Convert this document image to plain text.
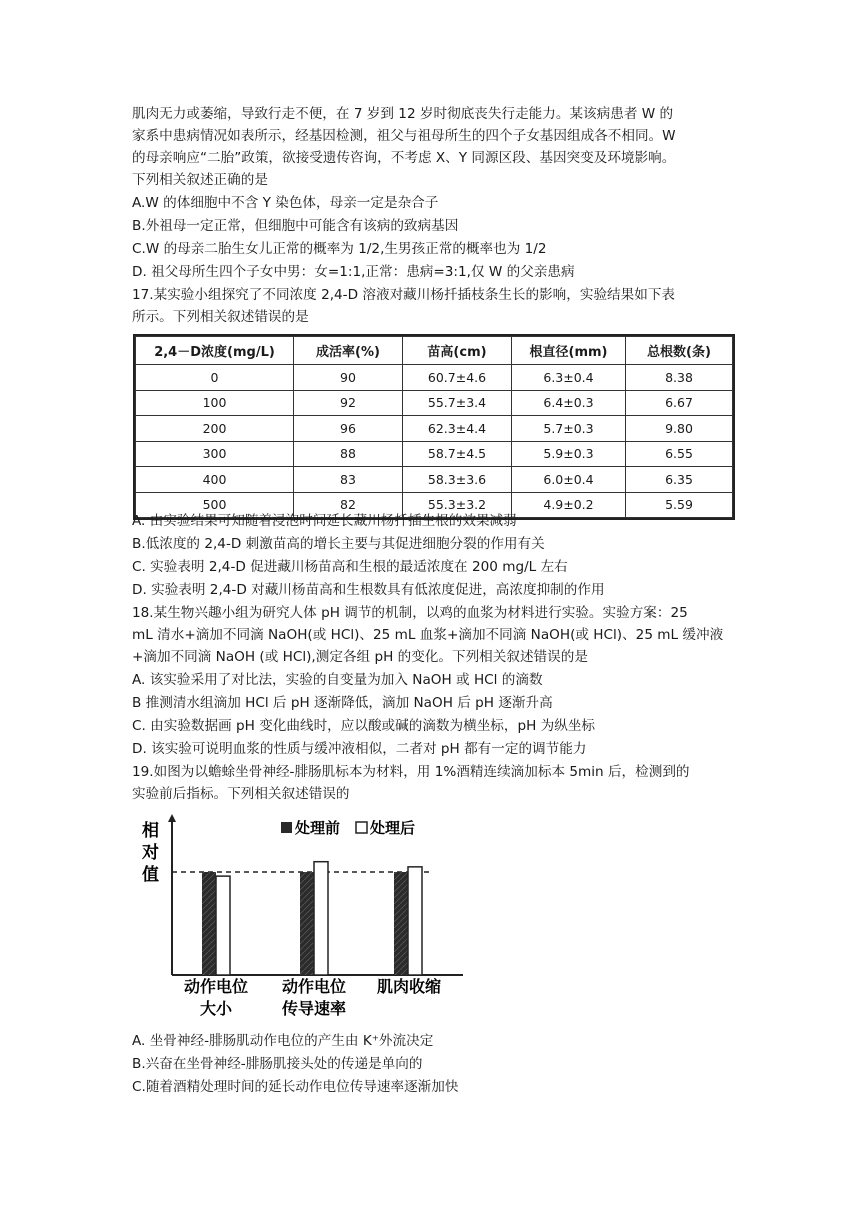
肌肉无力或萎缩，导致行走不便，在 7 岁到 12 岁时彻底丧失行走能力。某该病患者 W 的
家系中患病情况如表所示，经基因检测，祖父与祖母所生的四个子女基因组成各不相同。W
的母亲响应“二胎”政策，欲接受遗传咨询，不考虑 X、Y 同源区段、基因突变及环境影响。
下列相关叙述正确的是
A.W 的体细胞中不含 Y 染色体，母亲一定是杂合子
B.外祖母一定正常，但细胞中可能含有该病的致病基因
C.W 的母亲二胎生女儿正常的概率为 1/2,生男孩正常的概率也为 1/2
D. 祖父母所生四个子女中男：女=1:1,正常：患病=3:1,仅 W 的父亲患病
17.某实验小组探究了不同浓度 2,4-D 溶液对藏川杨扦插枝条生长的影响，实验结果如下表
所示。下列相关叙述错误的是
2,4－D浓度(mg/L)	成活率(%)	苗高(cm)	根直径(mm)	总根数(条)
0	90	60.7±4.6	6.3±0.4	8.38
100	92	55.7±3.4	6.4±0.3	6.67
200	96	62.3±4.4	5.7±0.3	9.80
300	88	58.7±4.5	5.9±0.3	6.55
400	83	58.3±3.6	6.0±0.4	6.35
500	82	55.3±3.2	4.9±0.2	5.59
A. 由实验结果可知随着浸泡时间延长藏川杨扦插生根的效果减弱
B.低浓度的 2,4-D 刺激苗高的增长主要与其促进细胞分裂的作用有关
C. 实验表明 2,4-D 促进藏川杨苗高和生根的最适浓度在 200 mg/L 左右
D. 实验表明 2,4-D 对藏川杨苗高和生根数具有低浓度促进，高浓度抑制的作用
18.某生物兴趣小组为研究人体 pH 调节的机制，以鸡的血浆为材料进行实验。实验方案：25
mL 清水+滴加不同滴 NaOH(或 HCl)、25 mL 血浆+滴加不同滴 NaOH(或 HCl)、25 mL 缓冲液
+滴加不同滴 NaOH (或 HCl),测定各组 pH 的变化。下列相关叙述错误的是
A. 该实验采用了对比法，实验的自变量为加入 NaOH 或 HCl 的滴数
B 推测清水组滴加 HCl 后 pH 逐渐降低，滴加 NaOH 后 pH 逐渐升高
C. 由实验数据画 pH 变化曲线时，应以酸或碱的滴数为横坐标，pH 为纵坐标
D. 该实验可说明血浆的性质与缓冲液相似，二者对 pH 都有一定的调节能力
19.如图为以蟾蜍坐骨神经-腓肠肌标本为材料，用 1%酒精连续滴加标本 5min 后，检测到的
实验前后指标。下列相关叙述错误的
相
对
值
处理前 处理后
动作电位
大小
动作电位
传导速率
肌肉收缩
A. 坐骨神经-腓肠肌动作电位的产生由 K⁺外流决定
B.兴奋在坐骨神经-腓肠肌接头处的传递是单向的
C.随着酒精处理时间的延长动作电位传导速率逐渐加快
